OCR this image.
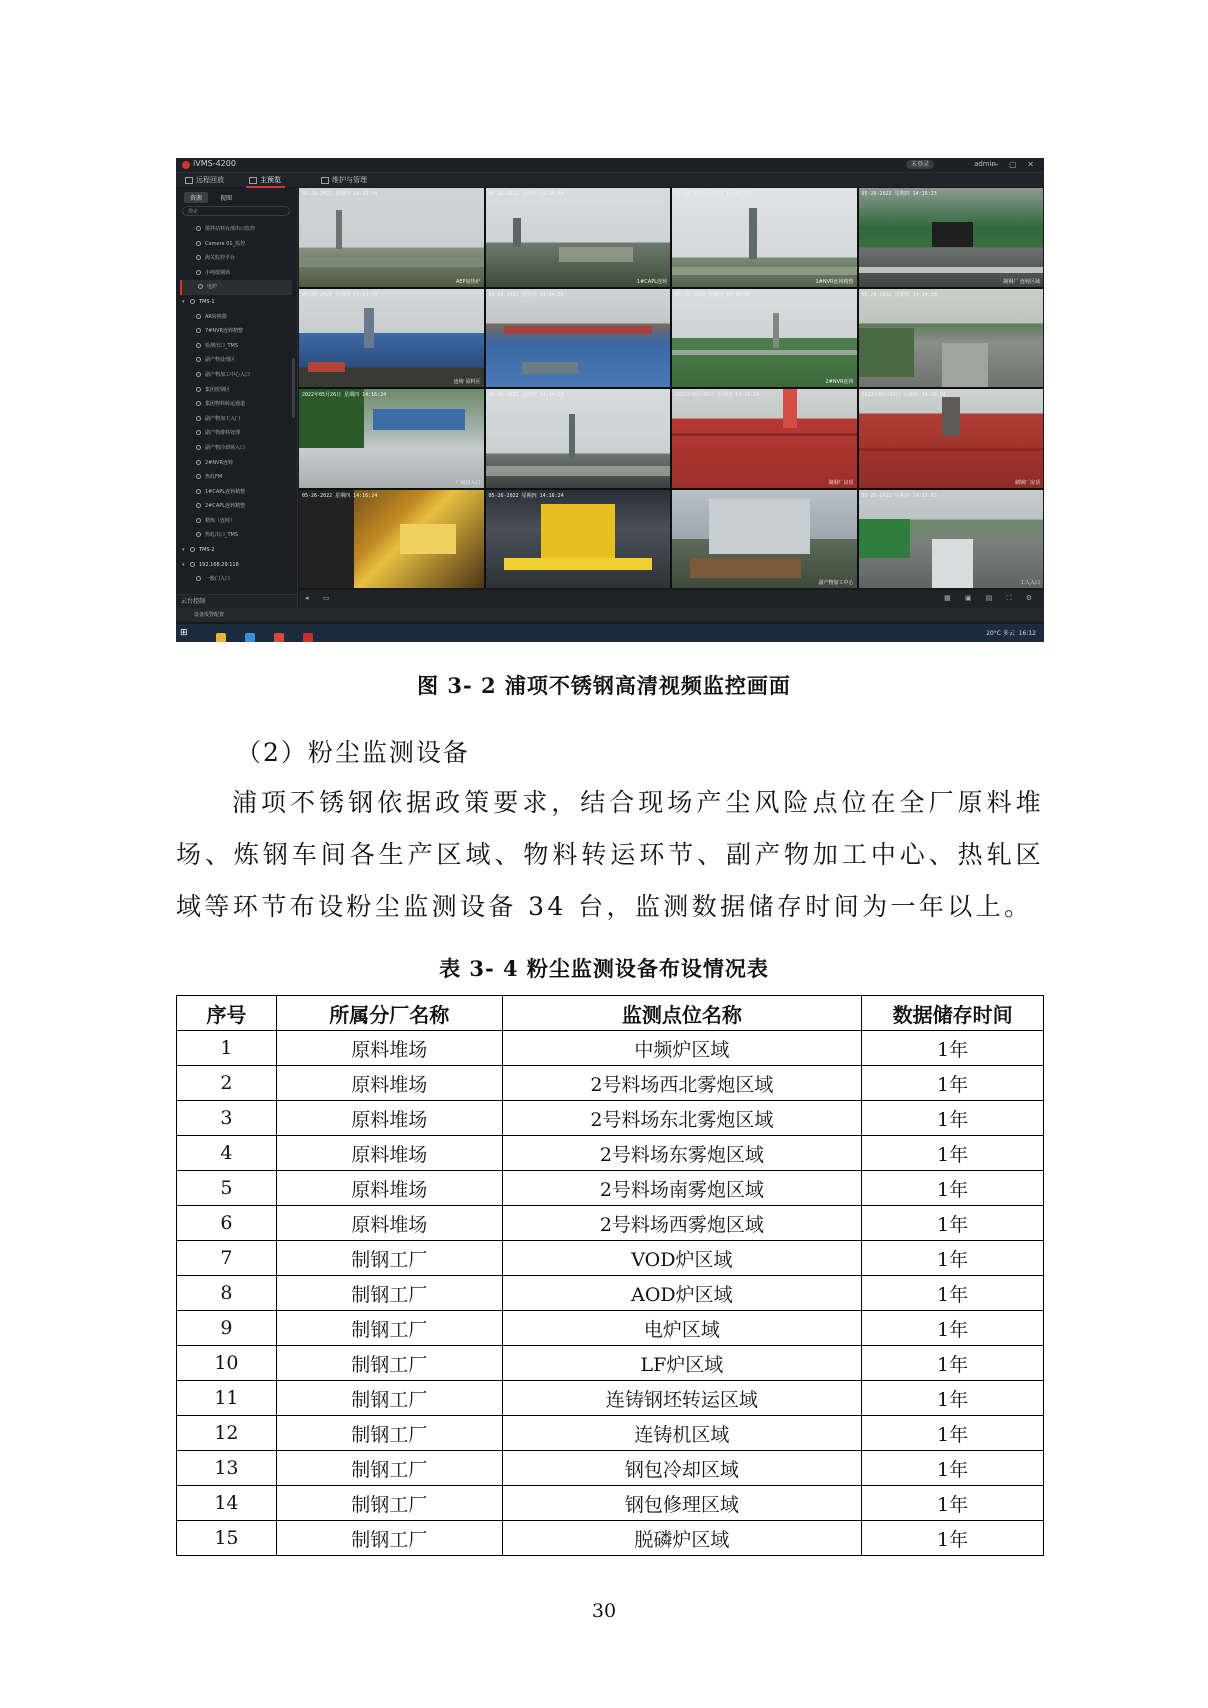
iVMS-4200	未登录	admin
— ▢ ✕
远程回放	主预览	维护与管理
资源	视图
搜索
搅拌站料台部出口监控
Camera 01_监控
海关监控平台
小吨废钢场
电炉
▾	TMS-1
AR转换器
7#NVR连铸精整
检测出口_TMS
副产物处理区
副产物加工中心入口
集团废钢区
集团物料转运通道
副产物加工入门
副产物堆料处理
副产物冷却场入口
2#NVR连铸
热轧FM
1#CAPL连铸精整
2#CAPL连铸精整
精炼（连铸）
热轧出口_TMS
▾	TMS-2
▾	192.168.29.118
一般门入口
云台控制
05-26-2022 星期四 14:33:54
AEP加热炉
05-26-2022 星期四 14:14:38
1#CAPL连铸
05-26-2022 星期四 14:33:53
1#NVR连铸精整
05-26-2022 星期四 14:16:23
制钢厂 连铸区域
05-26-2022 星期四 14:14:38
连铸 原料区
05-26-2022 星期四 14:14:38	05-26-2022 星期四 14:33:53
2#NVR连铸
05-26-2022 星期四 14:14:38
2022年05月26日 星期四 14:16:24
广场出入口
05-26-2022 星期四 14:14:38	2022年05月26日 星期四 14:16:24
制钢厂房顶
2022年05月26日 星期四 14:16:24
制钢厂房顶
05-26-2022 星期四 14:16:24	05-26-2022 星期四 14:16:24
副产物加工中心
05-26-2022 星期四 14:13:03
工人入口
◂ ▭	▦ ▣ ▤ ⛶ ⚙
设备报警配置
⊞
	20°C 多云 16:12
图 3- 2 浦项不锈钢高清视频监控画面
（2）粉尘监测设备

浦项不锈钢依据政策要求，结合现场产尘风险点位在全厂原料堆场、炼钢车间各生产区域、物料转运环节、副产物加工中心、热轧区域等环节布设粉尘监测设备 34 台，监测数据储存时间为一年以上。

表 3- 4 粉尘监测设备布设情况表
序号	所属分厂名称	监测点位名称	数据储存时间
1	原料堆场	中频炉区域	1年
2	原料堆场	2号料场西北雾炮区域	1年
3	原料堆场	2号料场东北雾炮区域	1年
4	原料堆场	2号料场东雾炮区域	1年
5	原料堆场	2号料场南雾炮区域	1年
6	原料堆场	2号料场西雾炮区域	1年
7	制钢工厂	VOD炉区域	1年
8	制钢工厂	AOD炉区域	1年
9	制钢工厂	电炉区域	1年
10	制钢工厂	LF炉区域	1年
11	制钢工厂	连铸钢坯转运区域	1年
12	制钢工厂	连铸机区域	1年
13	制钢工厂	钢包冷却区域	1年
14	制钢工厂	钢包修理区域	1年
15	制钢工厂	脱磷炉区域	1年
30
